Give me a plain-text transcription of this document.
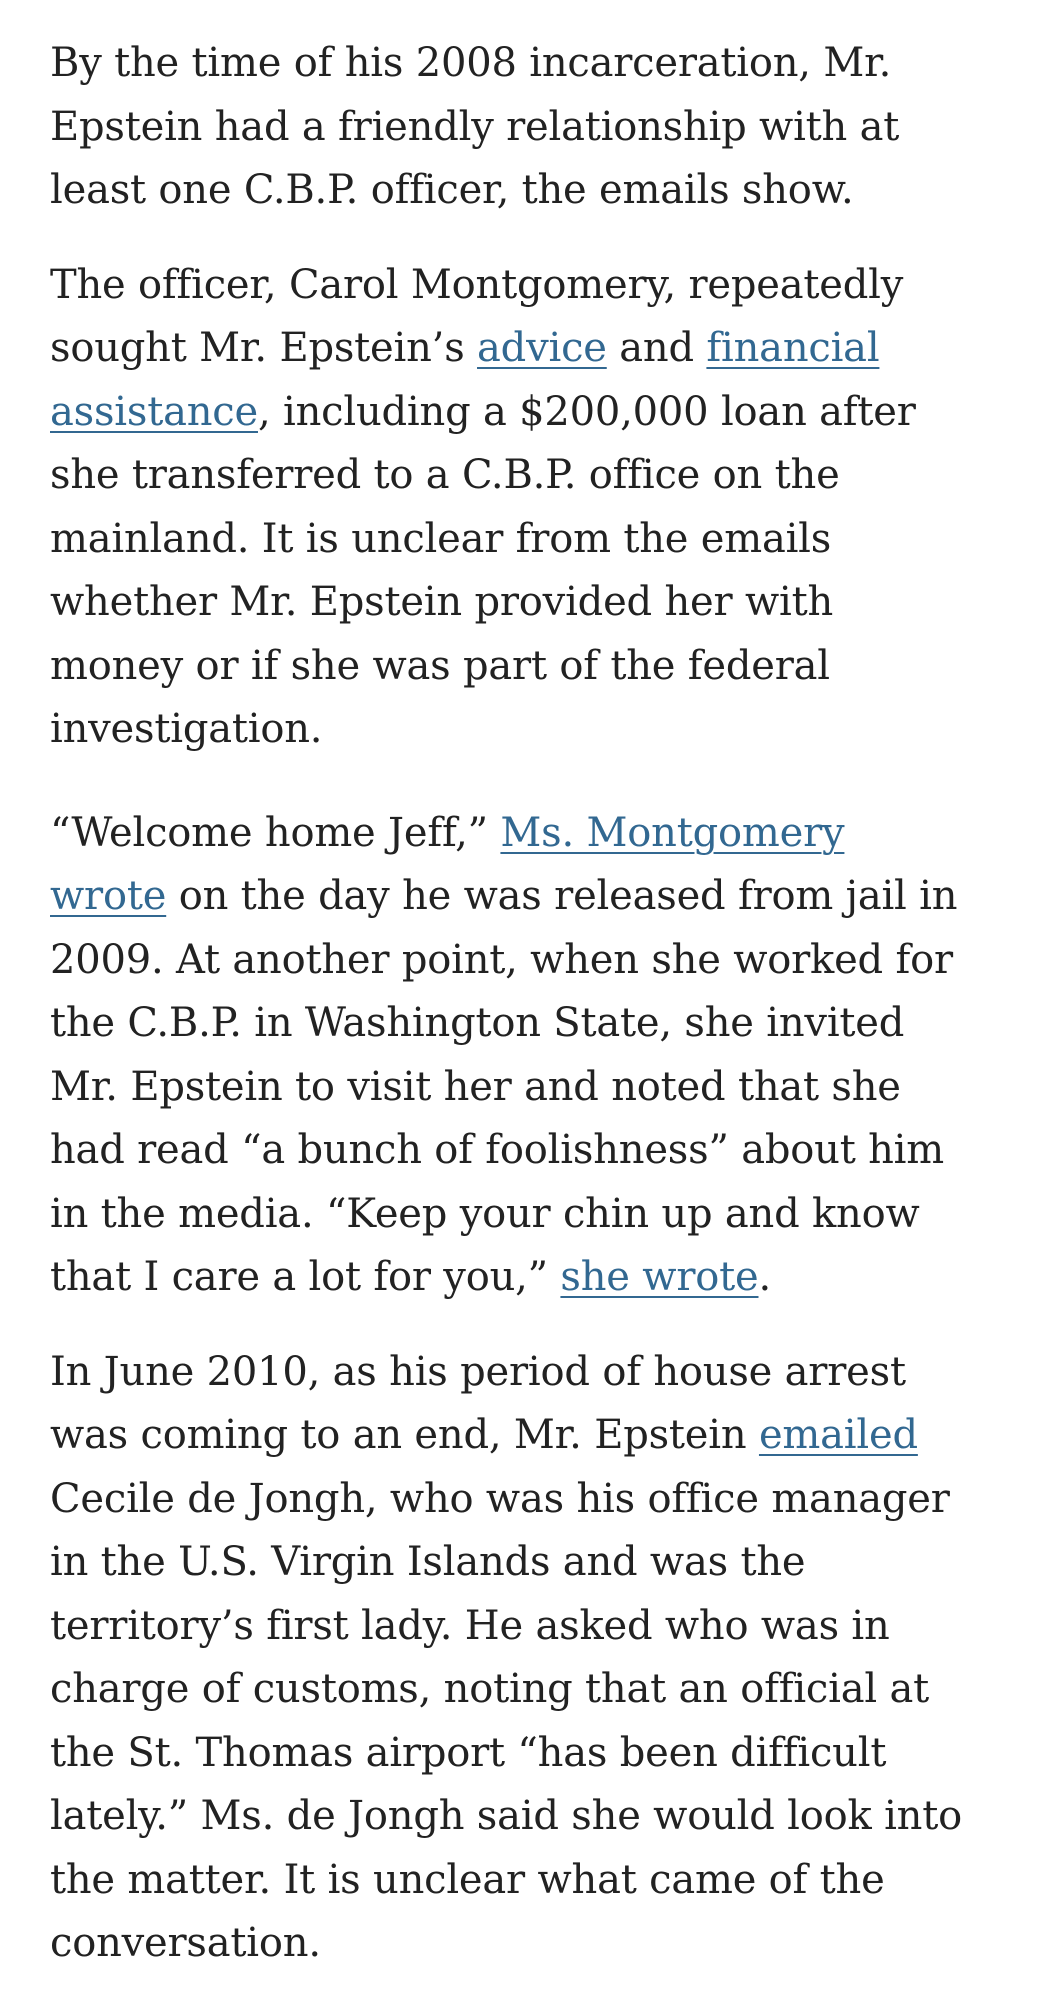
By the time of his 2008 incarceration, Mr.
Epstein had a friendly relationship with at
least one C.B.P. officer, the emails show.

The officer, Carol Montgomery, repeatedly
sought Mr. Epstein’s advice and financial
assistance, including a $200,000 loan after
she transferred to a C.B.P. office on the
mainland. It is unclear from the emails
whether Mr. Epstein provided her with
money or if she was part of the federal
investigation.

“Welcome home Jeff,” Ms. Montgomery
wrote on the day he was released from jail in
2009. At another point, when she worked for
the C.B.P. in Washington State, she invited
Mr. Epstein to visit her and noted that she
had read “a bunch of foolishness” about him
in the media. “Keep your chin up and know
that I care a lot for you,” she wrote.

In June 2010, as his period of house arrest
was coming to an end, Mr. Epstein emailed
Cecile de Jongh, who was his office manager
in the U.S. Virgin Islands and was the
territory’s first lady. He asked who was in
charge of customs, noting that an official at
the St. Thomas airport “has been difficult
lately.” Ms. de Jongh said she would look into
the matter. It is unclear what came of the
conversation.
